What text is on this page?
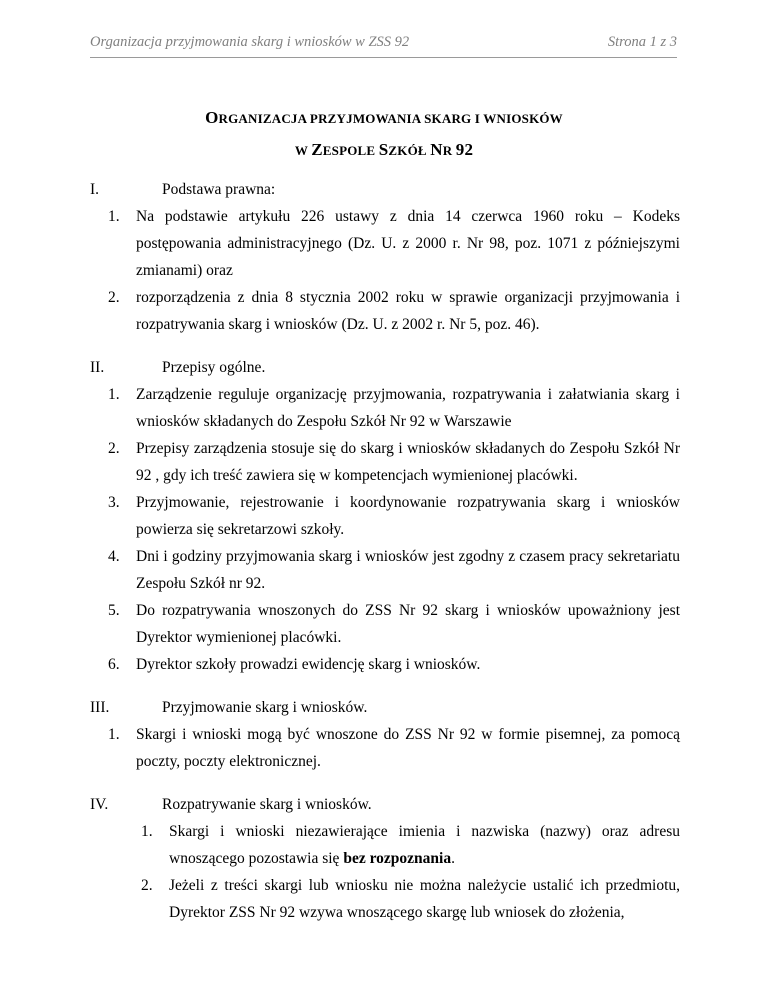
Organizacja przyjmowania skarg i wniosków w ZSS 92	Strona 1 z 3
ORGANIZACJA PRZYJMOWANIA SKARG I WNIOSKÓW
W ZESPOLE SZKÓŁ NR 92
I.	Podstawa prawna:
1.	Na podstawie artykułu 226 ustawy z dnia 14 czerwca 1960 roku – Kodeks postępowania administracyjnego (Dz. U. z 2000 r. Nr 98, poz. 1071 z późniejszymi zmianami) oraz
2.	rozporządzenia z dnia 8 stycznia 2002 roku w sprawie organizacji przyjmowania i rozpatrywania skarg i wniosków (Dz. U. z 2002 r. Nr 5, poz. 46).
II.	Przepisy ogólne.
1.	Zarządzenie reguluje organizację przyjmowania, rozpatrywania i załatwiania skarg i wniosków składanych do Zespołu Szkół Nr 92 w Warszawie
2.	Przepisy zarządzenia stosuje się do skarg i wniosków składanych do Zespołu Szkół Nr 92 , gdy ich treść zawiera się w kompetencjach wymienionej placówki.
3.	Przyjmowanie, rejestrowanie i koordynowanie rozpatrywania skarg i wniosków powierza się sekretarzowi szkoły.
4.	Dni i godziny przyjmowania skarg i wniosków jest zgodny z czasem pracy sekretariatu Zespołu Szkół nr 92.
5.	Do rozpatrywania wnoszonych do ZSS Nr 92 skarg i wniosków upoważniony jest Dyrektor wymienionej placówki.
6.	Dyrektor szkoły prowadzi ewidencję skarg i wniosków.
III.	Przyjmowanie skarg i wniosków.
1.	Skargi i wnioski mogą być wnoszone do ZSS Nr 92 w formie pisemnej, za pomocą poczty, poczty elektronicznej.
IV.	Rozpatrywanie skarg i wniosków.
1.	Skargi i wnioski niezawierające imienia i nazwiska (nazwy) oraz adresu wnoszącego pozostawia się bez rozpoznania.
2.	Jeżeli z treści skargi lub wniosku nie można należycie ustalić ich przedmiotu, Dyrektor ZSS Nr 92 wzywa wnoszącego skargę lub wniosek do złożenia,
